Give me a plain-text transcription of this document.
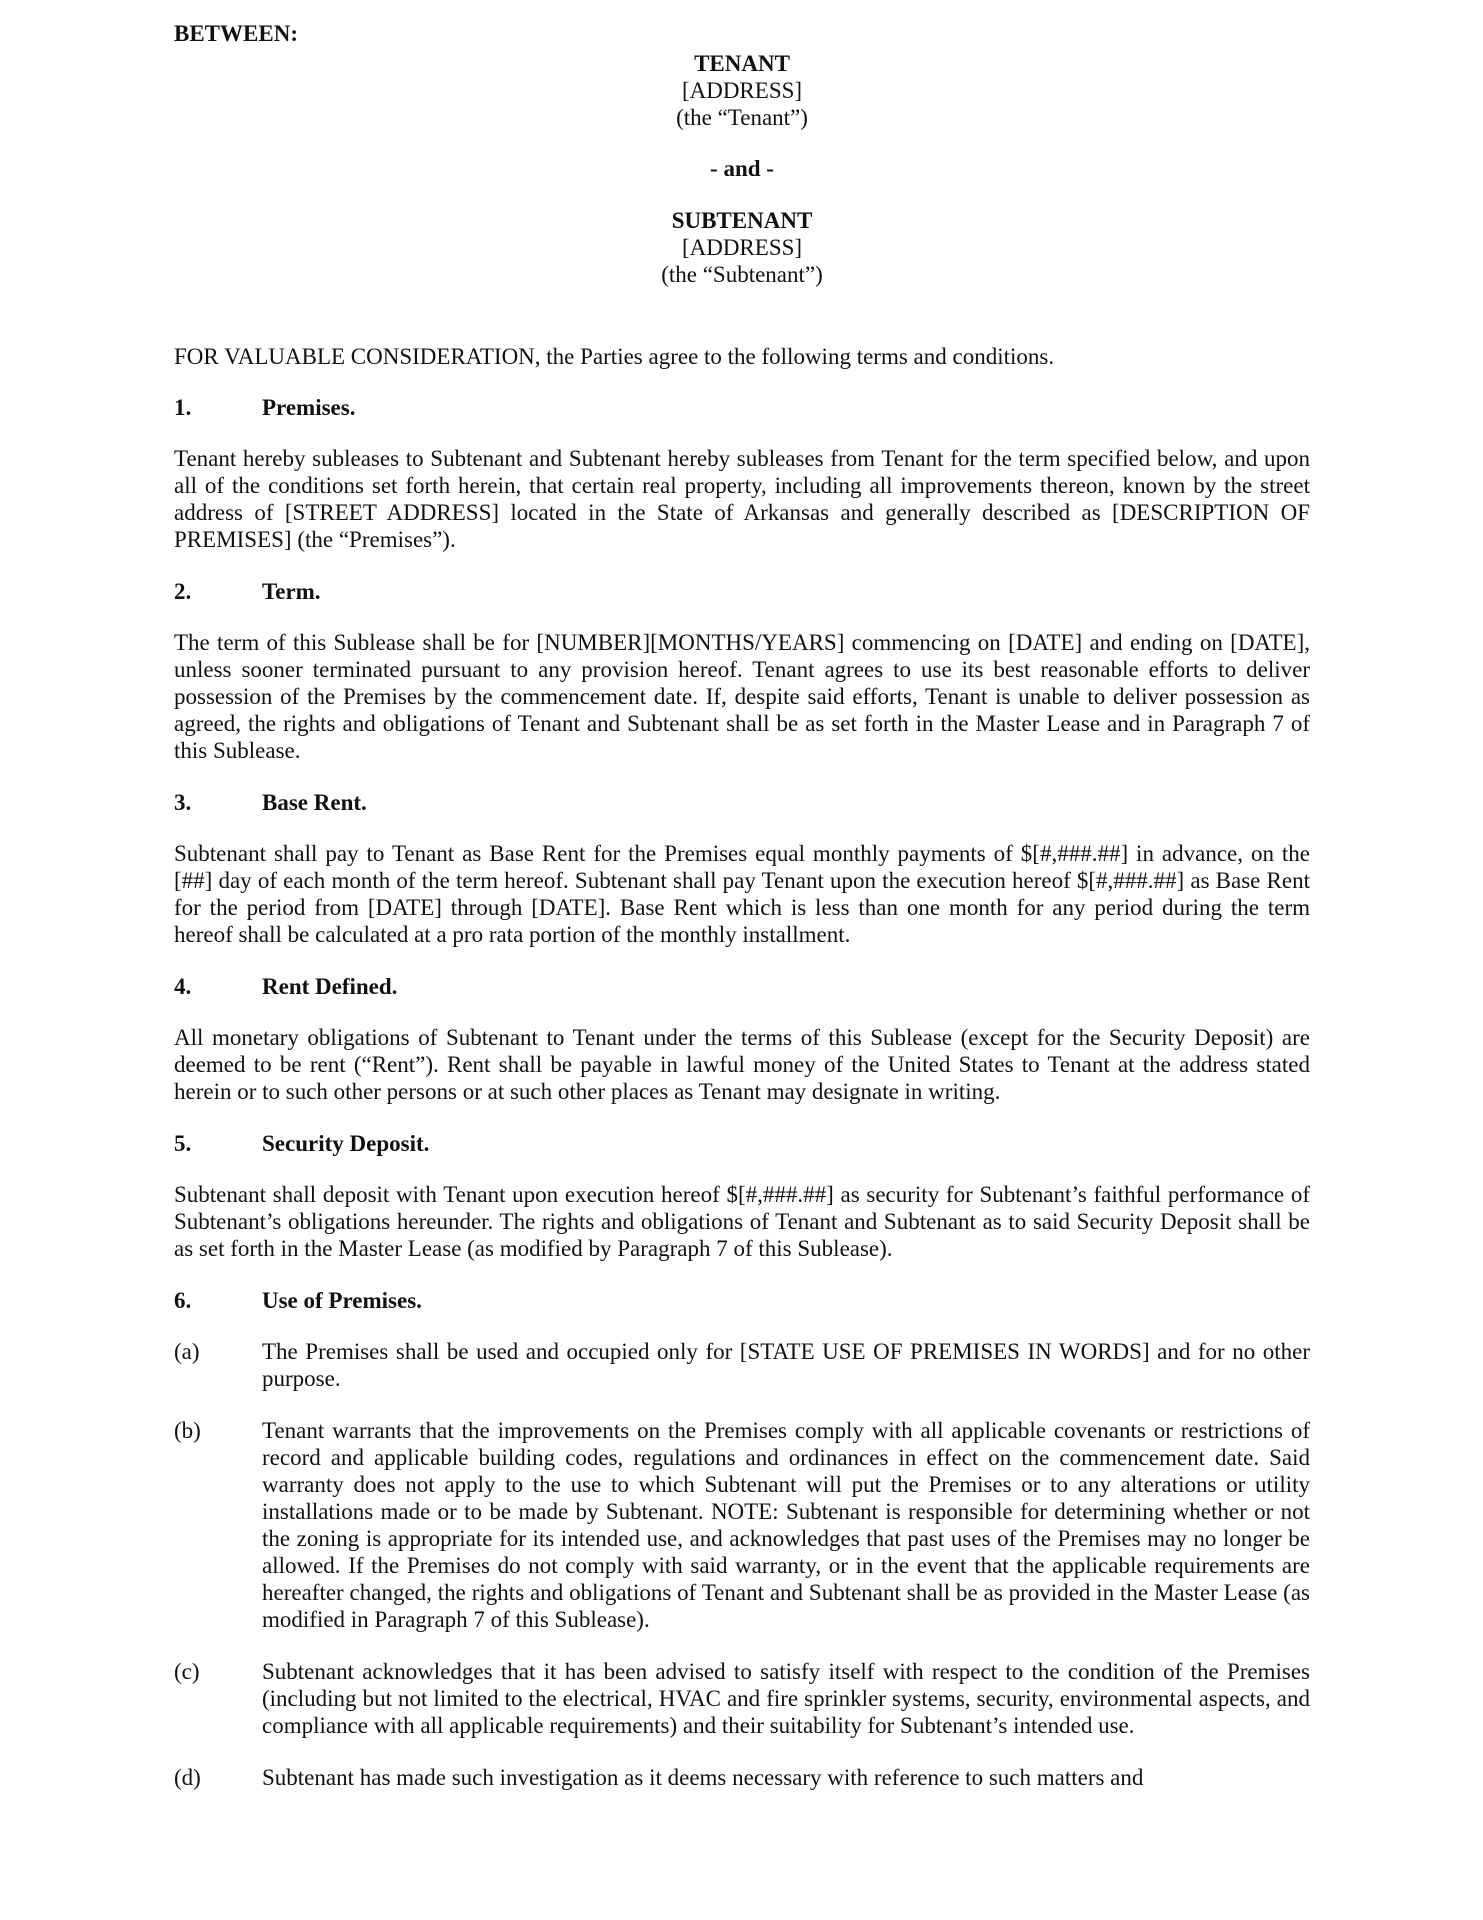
BETWEEN:

TENANT
[ADDRESS]
(the “Tenant”)
- and -
SUBTENANT
[ADDRESS]
(the “Subtenant”)

FOR VALUABLE CONSIDERATION, the Parties agree to the following terms and conditions.

1.	Premises.

Tenant hereby subleases to Subtenant and Subtenant hereby subleases from Tenant for the term specified below, and upon all of the conditions set forth herein, that certain real property, including all improvements thereon, known by the street address of [STREET ADDRESS] located in the State of Arkansas and generally described as [DESCRIPTION OF PREMISES] (the “Premises”).

2.	Term.

The term of this Sublease shall be for [NUMBER][MONTHS/YEARS] commencing on [DATE] and ending on [DATE], unless sooner terminated pursuant to any provision hereof. Tenant agrees to use its best reasonable efforts to deliver possession of the Premises by the commencement date. If, despite said efforts, Tenant is unable to deliver possession as agreed, the rights and obligations of Tenant and Subtenant shall be as set forth in the Master Lease and in Paragraph 7 of this Sublease.

3.	Base Rent.

Subtenant shall pay to Tenant as Base Rent for the Premises equal monthly payments of $[#,###.##] in advance, on the [##] day of each month of the term hereof. Subtenant shall pay Tenant upon the execution hereof $[#,###.##] as Base Rent for the period from [DATE] through [DATE]. Base Rent which is less than one month for any period during the term hereof shall be calculated at a pro rata portion of the monthly installment.

4.	Rent Defined.

All monetary obligations of Subtenant to Tenant under the terms of this Sublease (except for the Security Deposit) are deemed to be rent (“Rent”). Rent shall be payable in lawful money of the United States to Tenant at the address stated herein or to such other persons or at such other places as Tenant may designate in writing.

5.	Security Deposit.

Subtenant shall deposit with Tenant upon execution hereof $[#,###.##] as security for Subtenant’s faithful performance of Subtenant’s obligations hereunder. The rights and obligations of Tenant and Subtenant as to said Security Deposit shall be as set forth in the Master Lease (as modified by Paragraph 7 of this Sublease).

6.	Use of Premises.
(a)	The Premises shall be used and occupied only for [STATE USE OF PREMISES IN WORDS] and for no other purpose.
(b)	Tenant warrants that the improvements on the Premises comply with all applicable covenants or restrictions of record and applicable building codes, regulations and ordinances in effect on the commencement date. Said warranty does not apply to the use to which Subtenant will put the Premises or to any alterations or utility installations made or to be made by Subtenant. NOTE: Subtenant is responsible for determining whether or not the zoning is appropriate for its intended use, and acknowledges that past uses of the Premises may no longer be allowed. If the Premises do not comply with said warranty, or in the event that the applicable requirements are hereafter changed, the rights and obligations of Tenant and Subtenant shall be as provided in the Master Lease (as modified in Paragraph 7 of this Sublease).
(c)	Subtenant acknowledges that it has been advised to satisfy itself with respect to the condition of the Premises (including but not limited to the electrical, HVAC and fire sprinkler systems, security, environmental aspects, and compliance with all applicable requirements) and their suitability for Subtenant’s intended use.
(d)	Subtenant has made such investigation as it deems necessary with reference to such matters and
